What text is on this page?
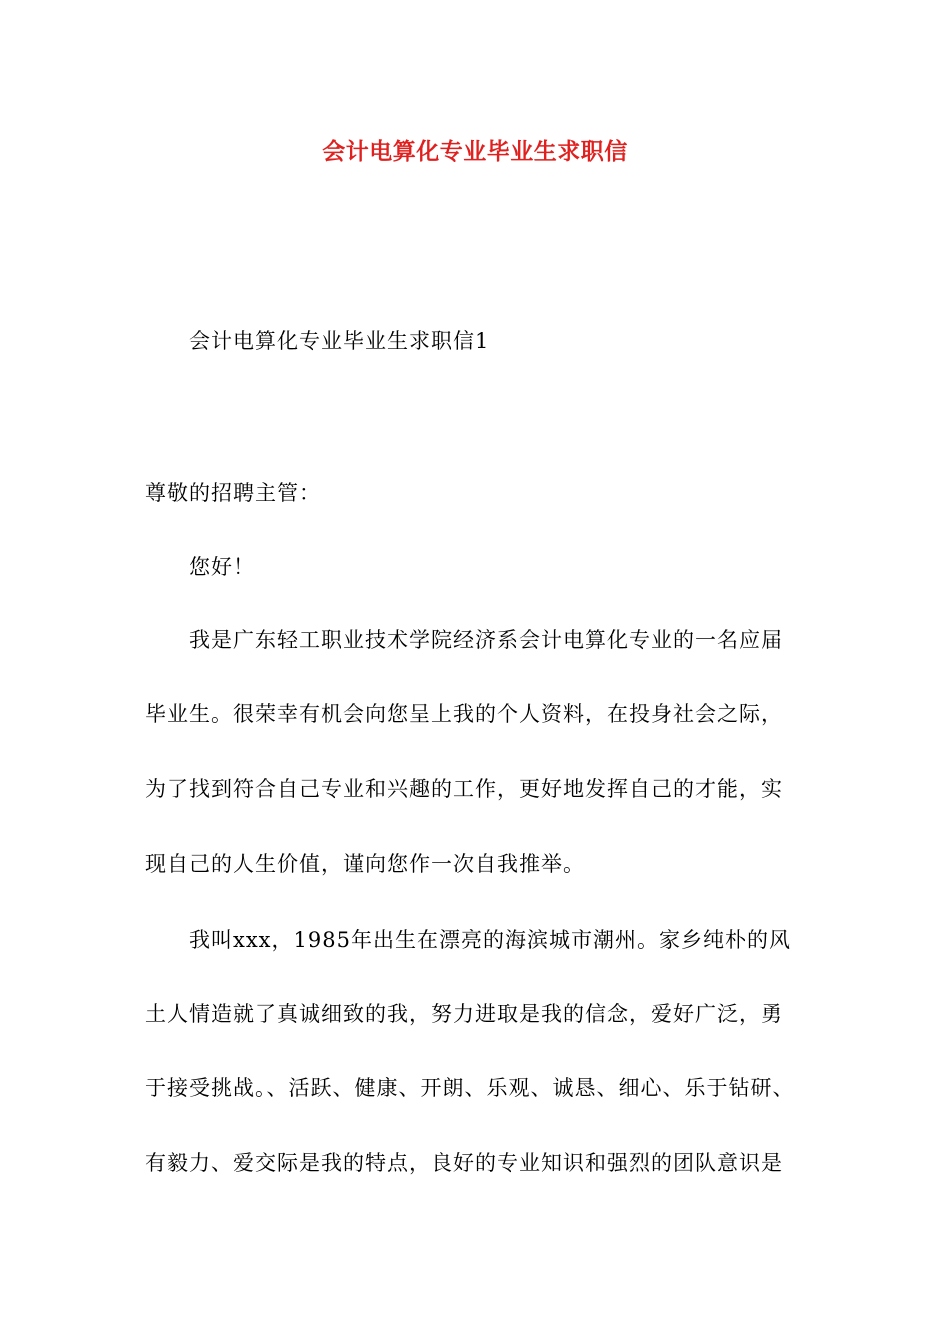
会计电算化专业毕业生求职信
会计电算化专业毕业生求职信1
尊敬的招聘主管：
您好！
我是广东轻工职业技术学院经济系会计电算化专业的一名应届
毕业生。很荣幸有机会向您呈上我的个人资料，在投身社会之际，
为了找到符合自己专业和兴趣的工作，更好地发挥自己的才能，实
现自己的人生价值，谨向您作一次自我推举。
我叫xxx，1985年出生在漂亮的海滨城市潮州。家乡纯朴的风
土人情造就了真诚细致的我，努力进取是我的信念，爱好广泛，勇
于接受挑战。、活跃、健康、开朗、乐观、诚恳、细心、乐于钻研、
有毅力、爱交际是我的特点，良好的专业知识和强烈的团队意识是
